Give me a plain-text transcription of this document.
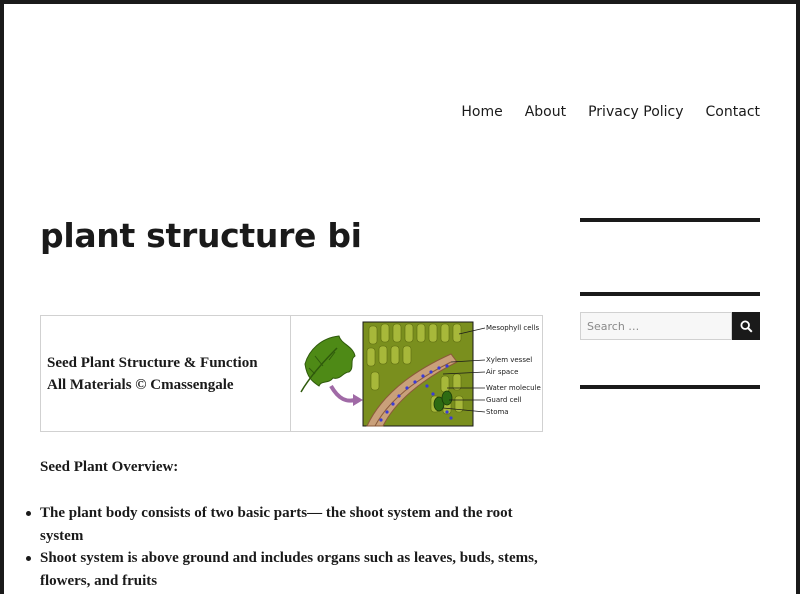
Home About Privacy Policy Contact
plant structure bi
Seed Plant Structure & Function
All Materials © Cmassengale
Mesophyll cells
Xylem vessel
Air space
Water molecule
Guard cell
Stoma

Seed Plant Overview:

The plant body consists of two basic parts— the shoot system and the root system
Shoot system is above ground and includes organs such as leaves, buds, stems, flowers, and fruits
Search …
